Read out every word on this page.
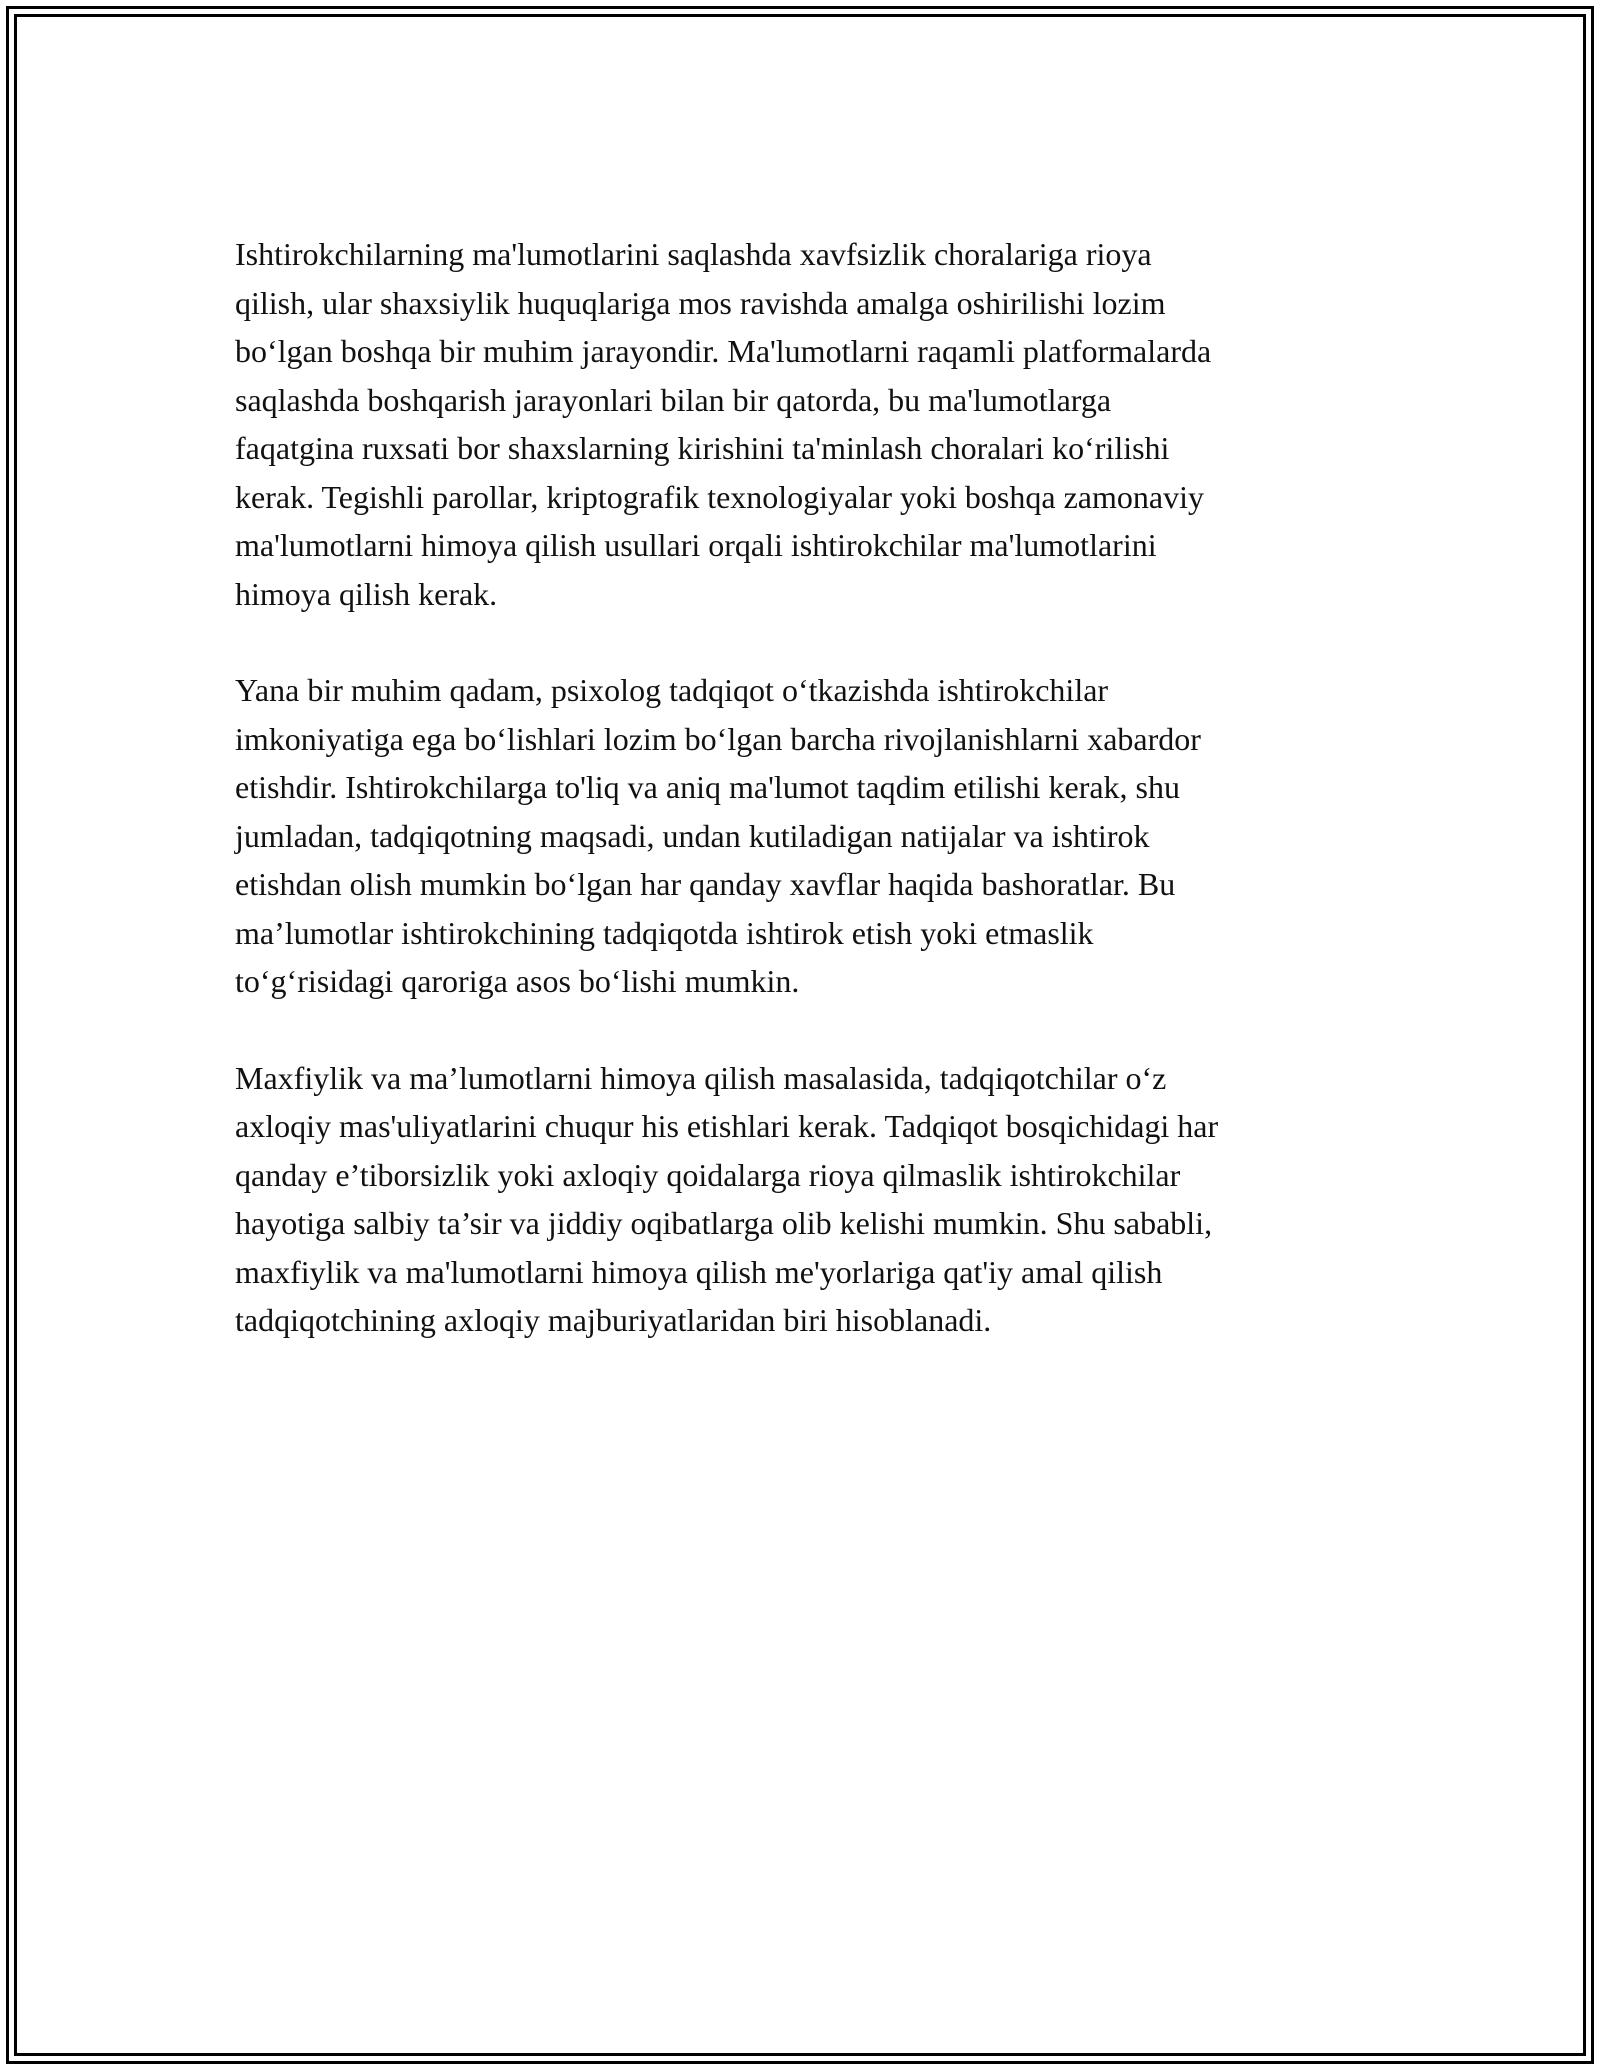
Ishtirokchilarning ma'lumotlarini saqlashda xavfsizlik choralariga rioya
qilish, ular shaxsiylik huquqlariga mos ravishda amalga oshirilishi lozim
bo‘lgan boshqa bir muhim jarayondir. Ma'lumotlarni raqamli platformalarda
saqlashda boshqarish jarayonlari bilan bir qatorda, bu ma'lumotlarga
faqatgina ruxsati bor shaxslarning kirishini ta'minlash choralari ko‘rilishi
kerak. Tegishli parollar, kriptografik texnologiyalar yoki boshqa zamonaviy
ma'lumotlarni himoya qilish usullari orqali ishtirokchilar ma'lumotlarini
himoya qilish kerak.

Yana bir muhim qadam, psixolog tadqiqot o‘tkazishda ishtirokchilar
imkoniyatiga ega bo‘lishlari lozim bo‘lgan barcha rivojlanishlarni xabardor
etishdir. Ishtirokchilarga to'liq va aniq ma'lumot taqdim etilishi kerak, shu
jumladan, tadqiqotning maqsadi, undan kutiladigan natijalar va ishtirok
etishdan olish mumkin bo‘lgan har qanday xavflar haqida bashoratlar. Bu
ma’lumotlar ishtirokchining tadqiqotda ishtirok etish yoki etmaslik
to‘g‘risidagi qaroriga asos bo‘lishi mumkin.

Maxfiylik va ma’lumotlarni himoya qilish masalasida, tadqiqotchilar o‘z
axloqiy mas'uliyatlarini chuqur his etishlari kerak. Tadqiqot bosqichidagi har
qanday e’tiborsizlik yoki axloqiy qoidalarga rioya qilmaslik ishtirokchilar
hayotiga salbiy ta’sir va jiddiy oqibatlarga olib kelishi mumkin. Shu sababli,
maxfiylik va ma'lumotlarni himoya qilish me'yorlariga qat'iy amal qilish
tadqiqotchining axloqiy majburiyatlaridan biri hisoblanadi.
